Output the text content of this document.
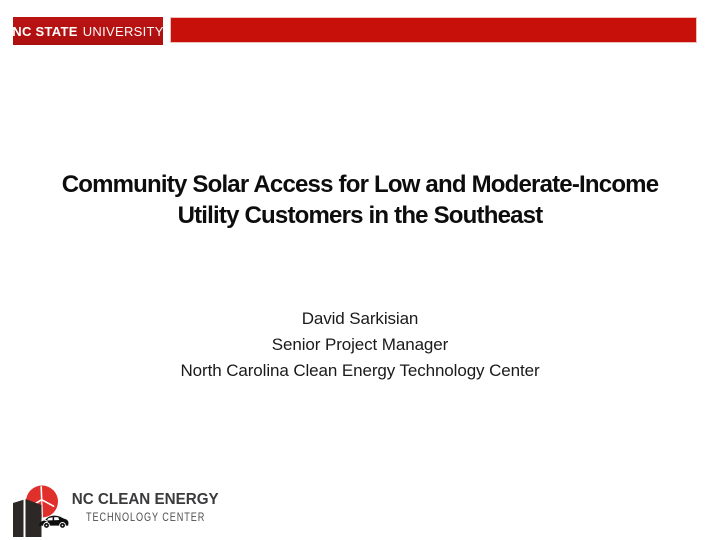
NC STATE UNIVERSITY
Community Solar Access for Low and Moderate-Income
Utility Customers in the Southeast
David Sarkisian
Senior Project Manager
North Carolina Clean Energy Technology Center
NC CLEAN ENERGY
TECHNOLOGY CENTER
